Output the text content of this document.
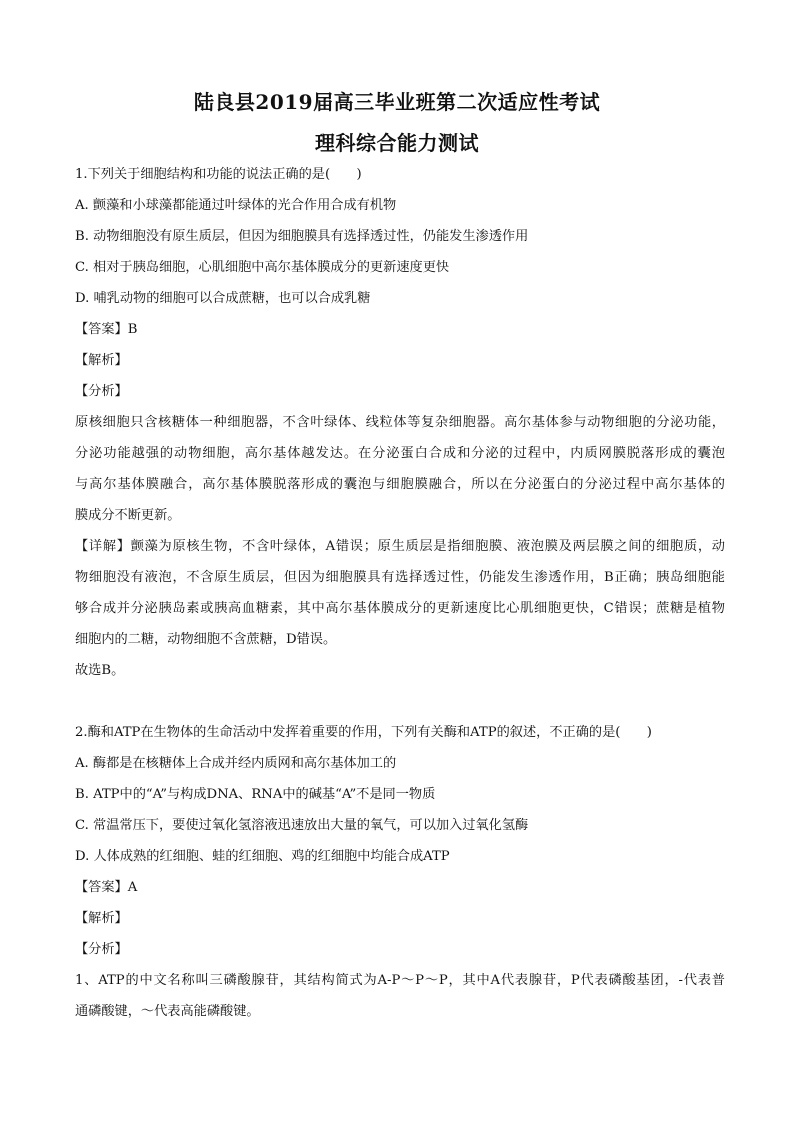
陆良县2019届高三毕业班第二次适应性考试
理科综合能力测试
1.下列关于细胞结构和功能的说法正确的是(　　)
A. 颤藻和小球藻都能通过叶绿体的光合作用合成有机物
B. 动物细胞没有原生质层，但因为细胞膜具有选择透过性，仍能发生渗透作用
C. 相对于胰岛细胞，心肌细胞中高尔基体膜成分的更新速度更快
D. 哺乳动物的细胞可以合成蔗糖，也可以合成乳糖
【答案】B
【解析】
【分析】
原核细胞只含核糖体一种细胞器，不含叶绿体、线粒体等复杂细胞器。高尔基体参与动物细胞的分泌功能，
分泌功能越强的动物细胞，高尔基体越发达。在分泌蛋白合成和分泌的过程中，内质网膜脱落形成的囊泡
与高尔基体膜融合，高尔基体膜脱落形成的囊泡与细胞膜融合，所以在分泌蛋白的分泌过程中高尔基体的
膜成分不断更新。
【详解】颤藻为原核生物，不含叶绿体，A错误；原生质层是指细胞膜、液泡膜及两层膜之间的细胞质，动
物细胞没有液泡，不含原生质层，但因为细胞膜具有选择透过性，仍能发生渗透作用，B正确；胰岛细胞能
够合成并分泌胰岛素或胰高血糖素，其中高尔基体膜成分的更新速度比心肌细胞更快，C错误；蔗糖是植物
细胞内的二糖，动物细胞不含蔗糖，D错误。
故选B。
2.酶和ATP在生物体的生命活动中发挥着重要的作用，下列有关酶和ATP的叙述，不正确的是(　　)
A. 酶都是在核糖体上合成并经内质网和高尔基体加工的
B. ATP中的“A”与构成DNA、RNA中的碱基“A”不是同一物质
C. 常温常压下，要使过氧化氢溶液迅速放出大量的氧气，可以加入过氧化氢酶
D. 人体成熟的红细胞、蛙的红细胞、鸡的红细胞中均能合成ATP
【答案】A
【解析】
【分析】
1、ATP的中文名称叫三磷酸腺苷，其结构简式为A-P～P～P，其中A代表腺苷，P代表磷酸基团，-代表普
通磷酸键，～代表高能磷酸键。
